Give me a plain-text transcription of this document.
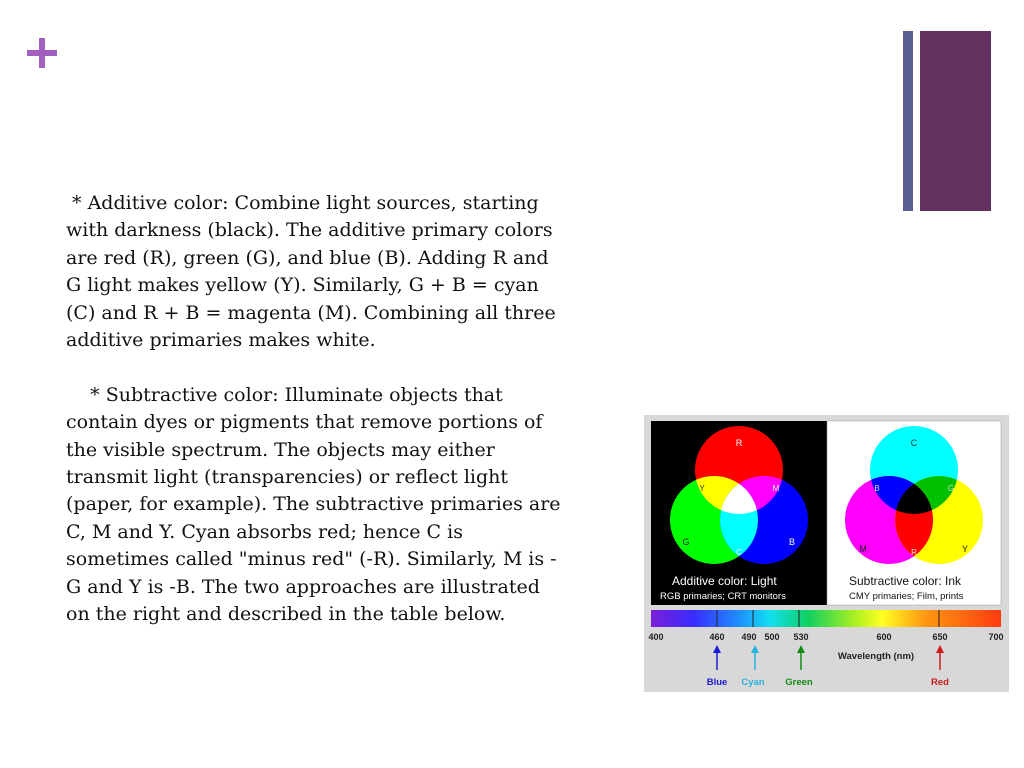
* Additive color: Combine light sources, starting with darkness (black). The additive primary colors are red (R), green (G), and blue (B). Adding R and G light makes yellow (Y). Similarly, G + B = cyan (C) and R + B = magenta (M). Combining all three additive primaries makes white.

* Subtractive color: Illuminate objects that contain dyes or pigments that remove portions of the visible spectrum. The objects may either transmit light (transparencies) or reflect light (paper, for example). The subtractive primaries are C, M and Y. Cyan absorbs red; hence C is sometimes called "minus red" (-R). Similarly, M is -G and Y is -B. The two approaches are illustrated on the right and described in the table below.
R
Y	M
G	B
C
Additive color: Light
RGB primaries; CRT monitors
C
B	G
M	Y
R
Subtractive color: Ink
CMY primaries; Film, prints
400	460 490 500 530	600	650	700
Wavelength (nm)
Blue Cyan Green	Red
